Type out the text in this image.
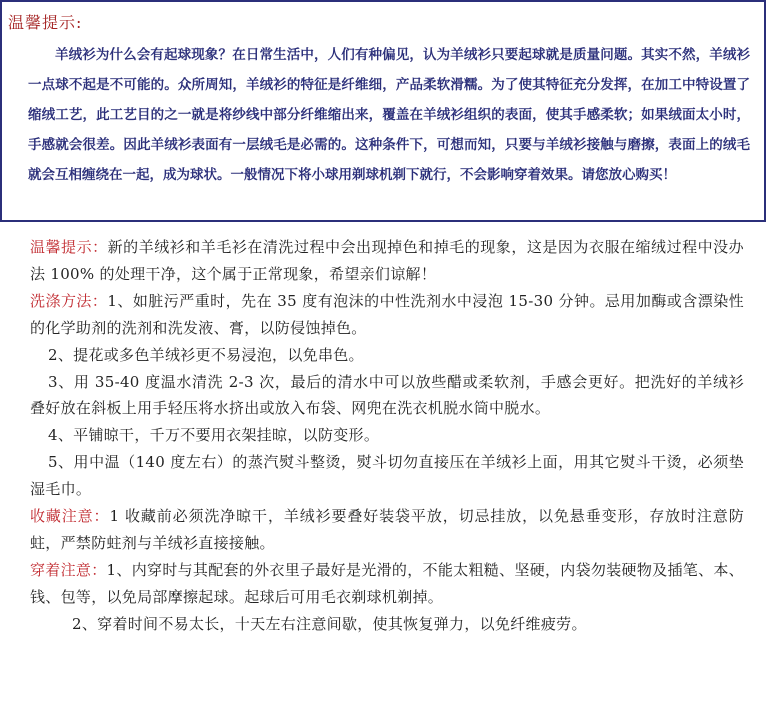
温馨提示:

羊绒衫为什么会有起球现象？在日常生活中，人们有种偏见，认为羊绒衫只要起球就是质量问题。其实不然，羊绒衫一点球不起是不可能的。众所周知，羊绒衫的特征是纤维细，产品柔软滑糯。为了使其特征充分发挥，在加工中特设置了缩绒工艺，此工艺目的之一就是将纱线中部分纤维缩出来，覆盖在羊绒衫组织的表面，使其手感柔软；如果绒面太小时，手感就会很差。因此羊绒衫表面有一层绒毛是必需的。这种条件下，可想而知，只要与羊绒衫接触与磨擦，表面上的绒毛就会互相缠绕在一起，成为球状。一般情况下将小球用剃球机剃下就行，不会影响穿着效果。请您放心购买！

温馨提示：新的羊绒衫和羊毛衫在清洗过程中会出现掉色和掉毛的现象，这是因为衣服在缩绒过程中没办法 100% 的处理干净，这个属于正常现象，希望亲们谅解！

洗涤方法：1、如脏污严重时，先在 35 度有泡沫的中性洗剂水中浸泡 15-30 分钟。忌用加酶或含漂染性的化学助剂的洗剂和洗发液、膏，以防侵蚀掉色。

2、提花或多色羊绒衫更不易浸泡，以免串色。

3、用 35-40 度温水清洗 2-3 次，最后的清水中可以放些醋或柔软剂，手感会更好。把洗好的羊绒衫叠好放在斜板上用手轻压将水挤出或放入布袋、网兜在洗衣机脱水筒中脱水。

4、平铺晾干，千万不要用衣架挂晾，以防变形。

5、用中温（140 度左右）的蒸汽熨斗整烫，熨斗切勿直接压在羊绒衫上面，用其它熨斗干烫，必须垫湿毛巾。

收藏注意：1 收藏前必须洗净晾干，羊绒衫要叠好装袋平放，切忌挂放，以免悬垂变形，存放时注意防蛀，严禁防蛀剂与羊绒衫直接接触。

穿着注意：1、内穿时与其配套的外衣里子最好是光滑的，不能太粗糙、坚硬，内袋勿装硬物及插笔、本、钱、包等，以免局部摩擦起球。起球后可用毛衣剃球机剃掉。

2、穿着时间不易太长，十天左右注意间歇，使其恢复弹力，以免纤维疲劳。
